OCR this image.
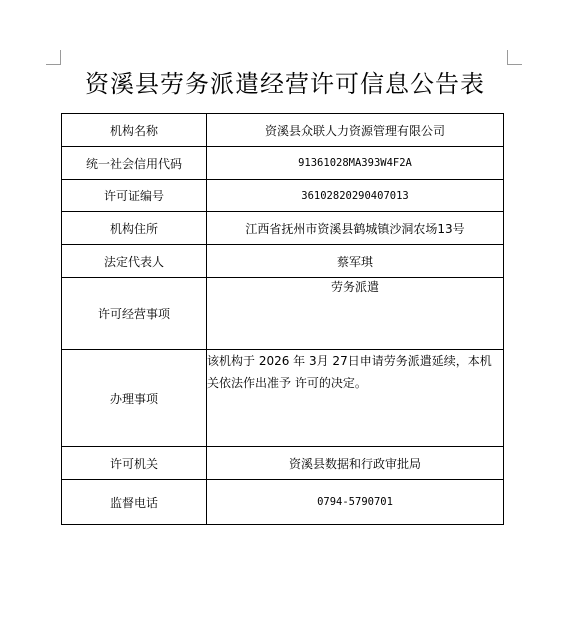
资溪县劳务派遣经营许可信息公告表
机构名称	资溪县众联人力资源管理有限公司
统一社会信用代码	91361028MA393W4F2A
许可证编号	36102820290407013
机构住所	江西省抚州市资溪县鹤城镇沙洞农场13号
法定代表人	蔡军琪
许可经营事项	劳务派遣
办理事项	该机构于 2026 年 3月 27日申请劳务派遣延续，本机关依法作出准予 许可的决定。
许可机关	资溪县数据和行政审批局
监督电话	0794-5790701
